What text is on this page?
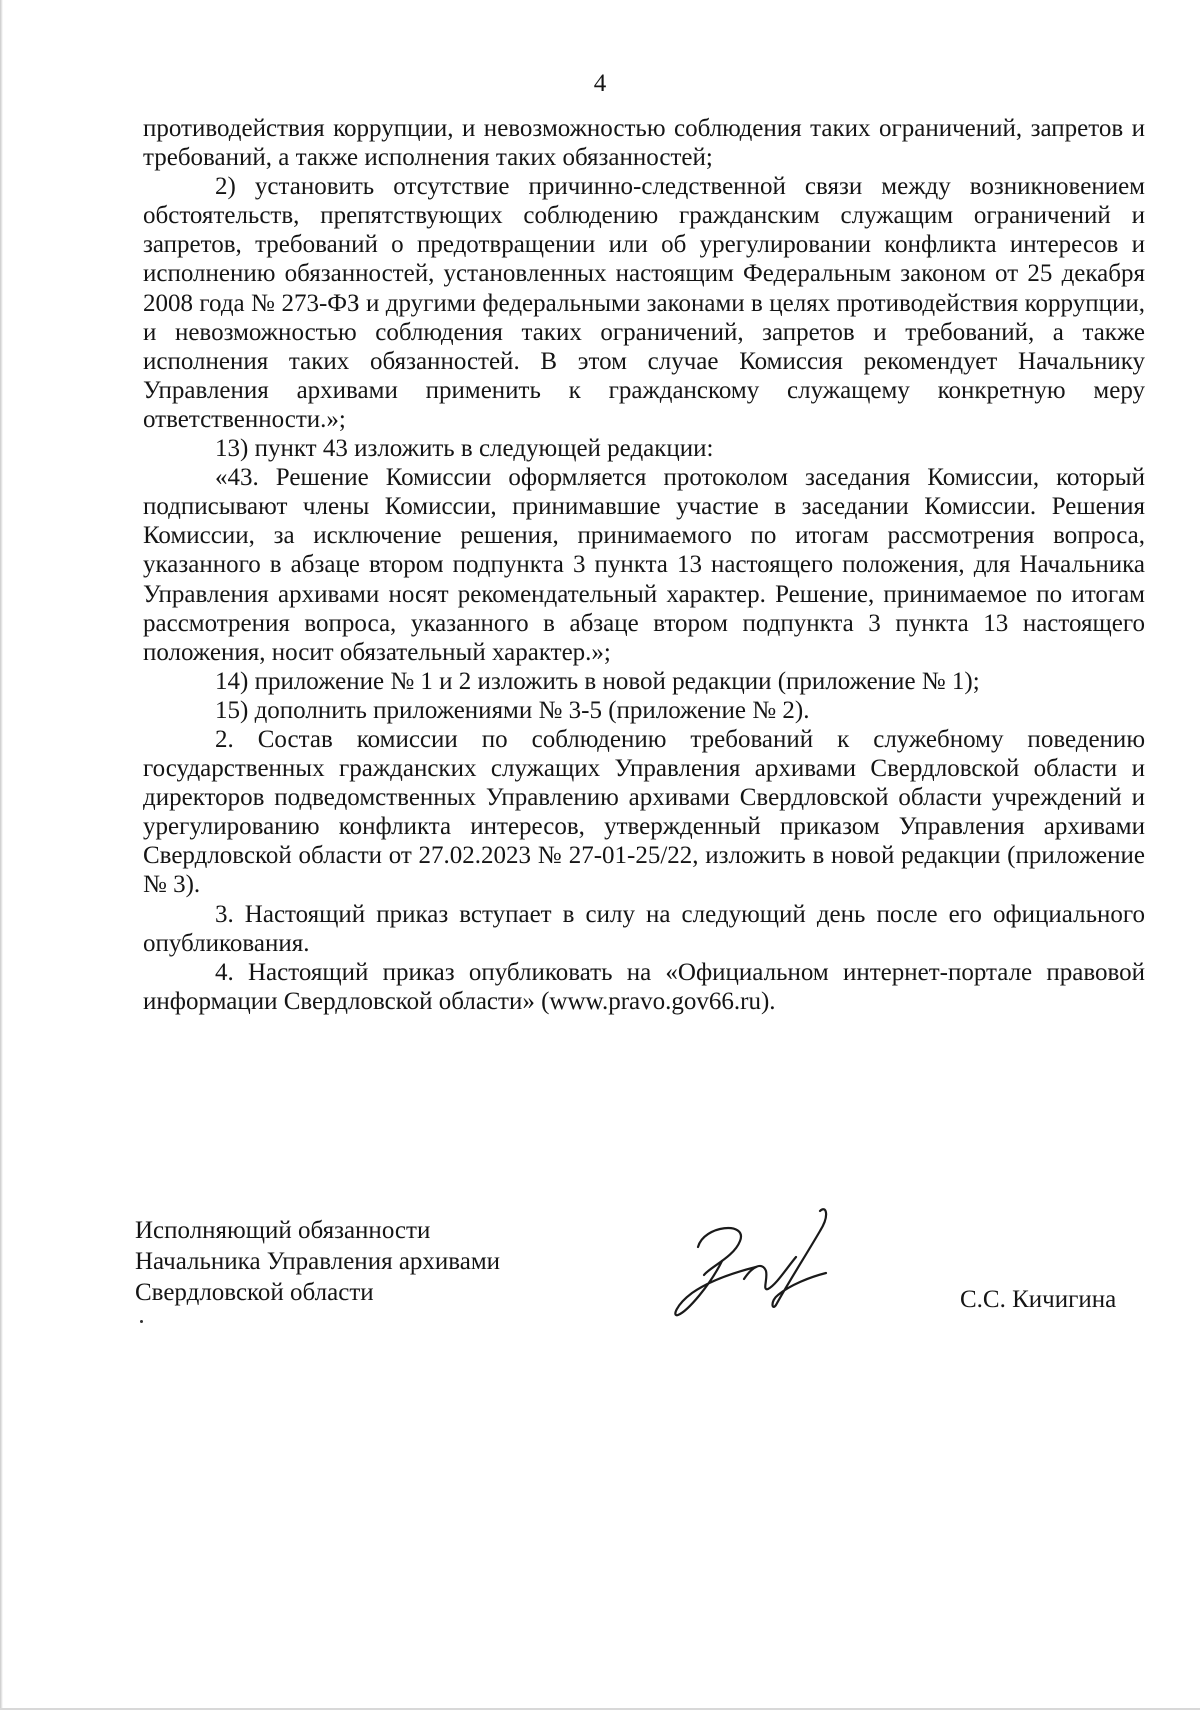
4

противодействия коррупции, и невозможностью соблюдения таких ограничений, запретов и требований, а также исполнения таких обязанностей;

2) установить отсутствие причинно-следственной связи между возникновением обстоятельств, препятствующих соблюдению гражданским служащим ограничений и запретов, требований о предотвращении или об урегулировании конфликта интересов и исполнению обязанностей, установленных настоящим Федеральным законом от 25 декабря 2008 года № 273-ФЗ и другими федеральными законами в целях противодействия коррупции, и невозможностью соблюдения таких ограничений, запретов и требований, а также исполнения таких обязанностей. В этом случае Комиссия рекомендует Начальнику Управления архивами применить к гражданскому служащему конкретную меру ответственности.»;

13) пункт 43 изложить в следующей редакции:

«43. Решение Комиссии оформляется протоколом заседания Комиссии, который подписывают члены Комиссии, принимавшие участие в заседании Комиссии. Решения Комиссии, за исключение решения, принимаемого по итогам рассмотрения вопроса, указанного в абзаце втором подпункта 3 пункта 13 настоящего положения, для Начальника Управления архивами носят рекомендательный характер. Решение, принимаемое по итогам рассмотрения вопроса, указанного в абзаце втором подпункта 3 пункта 13 настоящего положения, носит обязательный характер.»;

14) приложение № 1 и 2 изложить в новой редакции (приложение № 1);

15) дополнить приложениями № 3-5 (приложение № 2).

2. Состав комиссии по соблюдению требований к служебному поведению государственных гражданских служащих Управления архивами Свердловской области и директоров подведомственных Управлению архивами Свердловской области учреждений и урегулированию конфликта интересов, утвержденный приказом Управления архивами Свердловской области от 27.02.2023 № 27-01-25/22, изложить в новой редакции (приложение № 3).

3. Настоящий приказ вступает в силу на следующий день после его официального опубликования.

4. Настоящий приказ опубликовать на «Официальном интернет-портале правовой информации Свердловской области» (www.pravo.gov66.ru).

Исполняющий обязанности
Начальника Управления архивами
Свердловской области	С.С. Кичигина
